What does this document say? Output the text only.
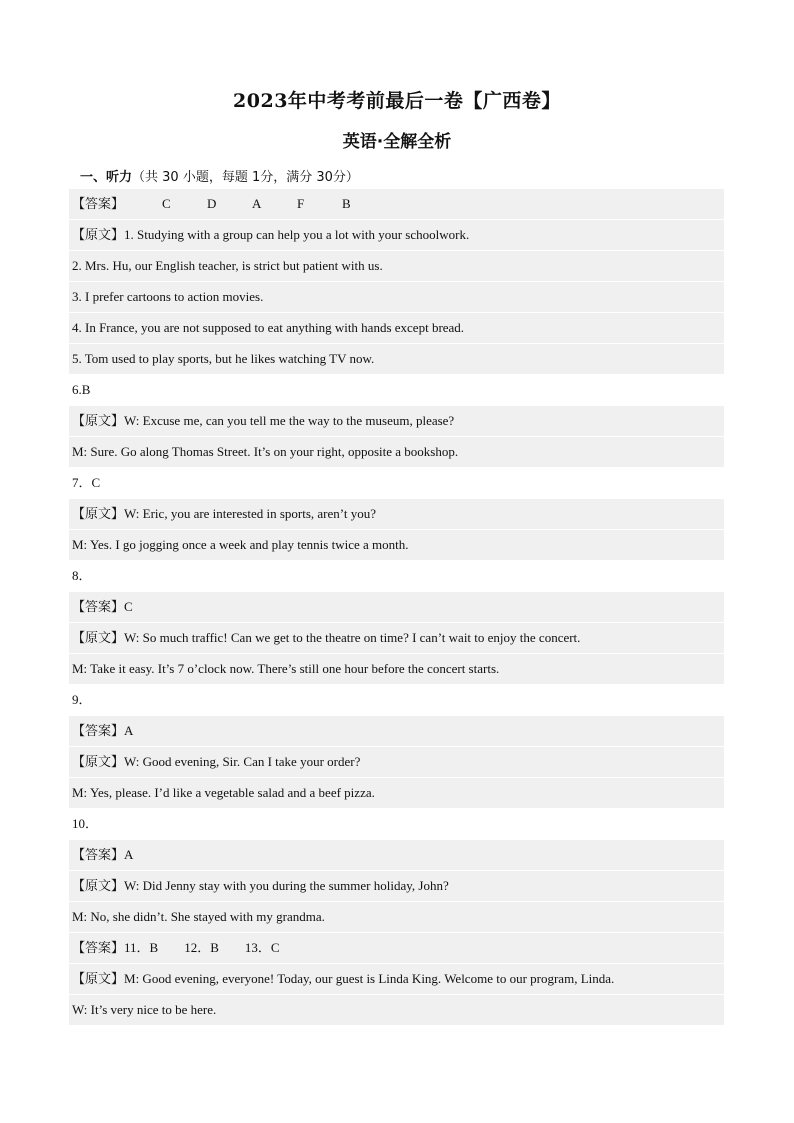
2023年中考考前最后一卷【广西卷】
英语·全解全析
一、听力（共 30 小题，每题 1分，满分 30分）
【答案】	C	D	A	F	B
【原文】1. Studying with a group can help you a lot with your schoolwork.
2. Mrs. Hu, our English teacher, is strict but patient with us.
3. I prefer cartoons to action movies.
4. In France, you are not supposed to eat anything with hands except bread.
5. Tom used to play sports, but he likes watching TV now.
6.B
【原文】W: Excuse me, can you tell me the way to the museum, please?
M: Sure. Go along Thomas Street. It’s on your right, opposite a bookshop.
7．C
【原文】W: Eric, you are interested in sports, aren’t you?
M: Yes. I go jogging once a week and play tennis twice a month.
8．
【答案】C
【原文】W: So much traffic! Can we get to the theatre on time? I can’t wait to enjoy the concert.
M: Take it easy. It’s 7 o’clock now. There’s still one hour before the concert starts.
9．
【答案】A
【原文】W: Good evening, Sir. Can I take your order?
M: Yes, please. I’d like a vegetable salad and a beef pizza.
10．
【答案】A
【原文】W: Did Jenny stay with you during the summer holiday, John?
M: No, she didn’t. She stayed with my grandma.
【答案】11．B　　12．B　　13．C
【原文】M: Good evening, everyone! Today, our guest is Linda King. Welcome to our program, Linda.
W: It’s very nice to be here.
